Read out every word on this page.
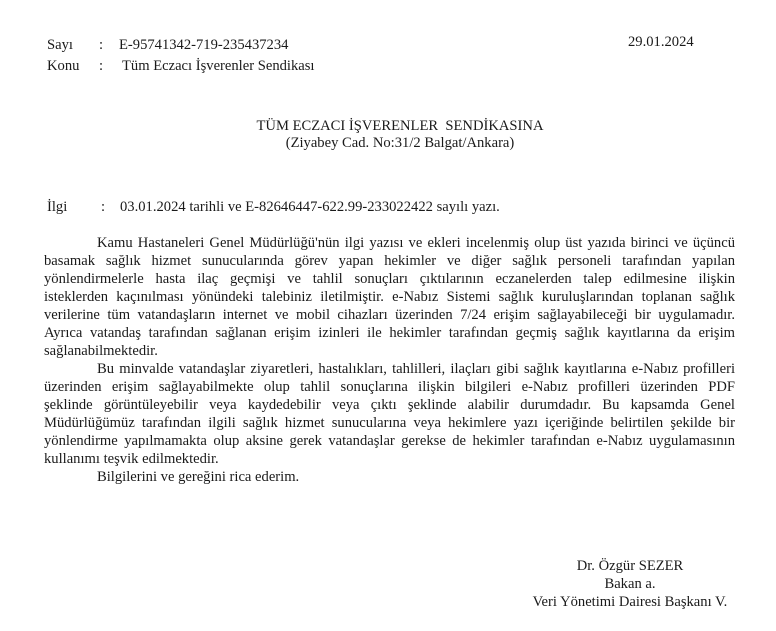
29.01.2024
Sayı : E-95741342-719-235437234
Konu : Tüm Eczacı İşverenler Sendikası
TÜM ECZACI İŞVERENLER  SENDİKASINA
(Ziyabey Cad. No:31/2 Balgat/Ankara)
İlgi : 03.01.2024 tarihli ve E-82646447-622.99-233022422 sayılı yazı.
Kamu Hastaneleri Genel Müdürlüğü'nün ilgi yazısı ve ekleri incelenmiş olup üst yazıda birinci ve üçüncü
basamak sağlık hizmet sunucularında görev yapan hekimler ve diğer sağlık personeli tarafından yapılan
yönlendirmelerle hasta ilaç geçmişi ve tahlil sonuçları çıktılarının eczanelerden talep edilmesine ilişkin
isteklerden kaçınılması yönündeki talebiniz iletilmiştir. e-Nabız Sistemi sağlık kuruluşlarından toplanan sağlık
verilerine tüm vatandaşların internet ve mobil cihazları üzerinden 7/24 erişim sağlayabileceği bir uygulamadır.
Ayrıca vatandaş tarafından sağlanan erişim izinleri ile hekimler tarafından geçmiş sağlık kayıtlarına da erişim
sağlanabilmektedir.
Bu minvalde vatandaşlar ziyaretleri, hastalıkları, tahlilleri, ilaçları gibi sağlık kayıtlarına e-Nabız profilleri
üzerinden erişim sağlayabilmekte olup tahlil sonuçlarına ilişkin bilgileri e-Nabız profilleri üzerinden PDF
şeklinde görüntüleyebilir veya kaydedebilir veya çıktı şeklinde alabilir durumdadır. Bu kapsamda Genel
Müdürlüğümüz tarafından ilgili sağlık hizmet sunucularına veya hekimlere yazı içeriğinde belirtilen şekilde bir
yönlendirme yapılmamakta olup aksine gerek vatandaşlar gerekse de hekimler tarafından e-Nabız uygulamasının
kullanımı teşvik edilmektedir.
Bilgilerini ve gereğini rica ederim.
Dr. Özgür SEZER
Bakan a.
Veri Yönetimi Dairesi Başkanı V.
